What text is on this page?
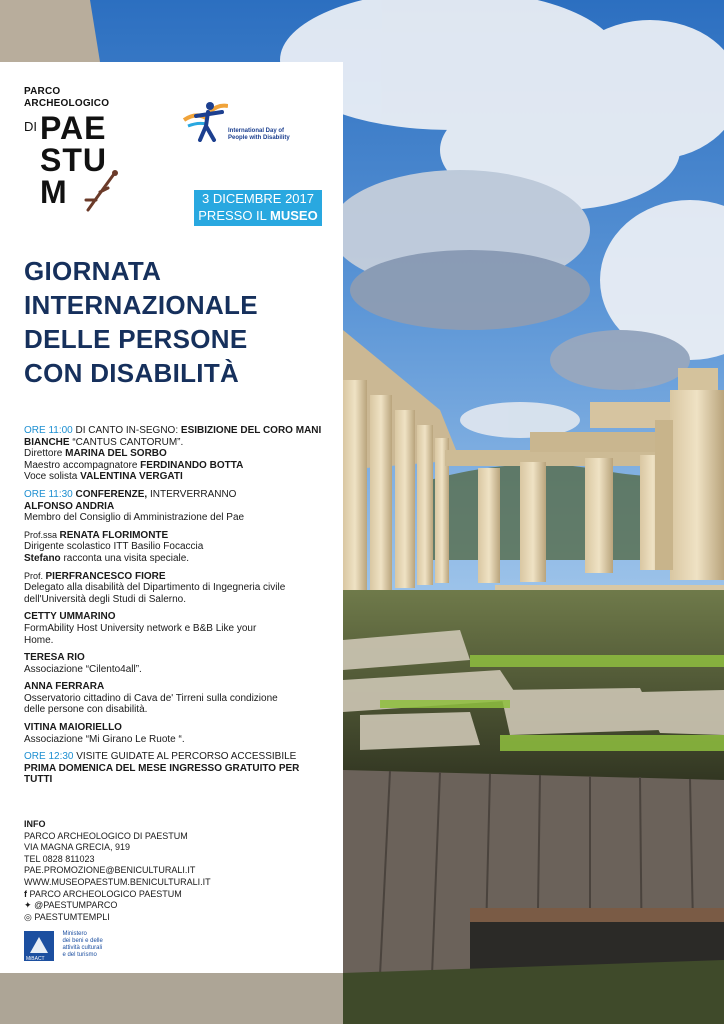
PARCO
ARCHEOLOGICO
DI PAE
STU
M
International Day of
People with Disability
3 DICEMBRE 2017
PRESSO IL MUSEO
GIORNATA
INTERNAZIONALE
DELLE PERSONE
CON DISABILITÀ

ORE 11:00 DI CANTO IN-SEGNO: ESIBIZIONE DEL CORO MANI BIANCHE “CANTUS CANTORUM”.

Direttore MARINA DEL SORBO

Maestro accompagnatore FERDINANDO BOTTA

Voce solista VALENTINA VERGATI

ORE 11:30 CONFERENZE, INTERVERRANNO

ALFONSO ANDRIA

Membro del Consiglio di Amministrazione del Pae

Prof.ssa RENATA FLORIMONTE

Dirigente scolastico ITT Basilio Focaccia

Stefano racconta una visita speciale.

Prof. PIERFRANCESCO FIORE

Delegato alla disabilità del Dipartimento di Ingegneria civile

dell'Università degli Studi di Salerno.

CETTY UMMARINO

FormAbility Host University network e B&B Like your

Home.

TERESA RIO

Associazione “Cilento4all”.

ANNA FERRARA

Osservatorio cittadino di Cava de' Tirreni sulla condizione

delle persone con disabilità.

VITINA MAIORIELLO

Associazione “Mi Girano Le Ruote “.

ORE 12:30 VISITE GUIDATE AL PERCORSO ACCESSIBILE

PRIMA DOMENICA DEL MESE INGRESSO GRATUITO PER TUTTI

INFO

PARCO ARCHEOLOGICO DI PAESTUM

VIA MAGNA GRECIA, 919

TEL 0828 811023

PAE.PROMOZIONE@BENICULTURALI.IT

WWW.MUSEOPAESTUM.BENICULTURALI.IT

f PARCO ARCHEOLOGICO PAESTUM

✦ @PAESTUMPARCO

◎ PAESTUMTEMPLI

MiBACT
Ministero
dei beni e delle
attività culturali
e del turismo
